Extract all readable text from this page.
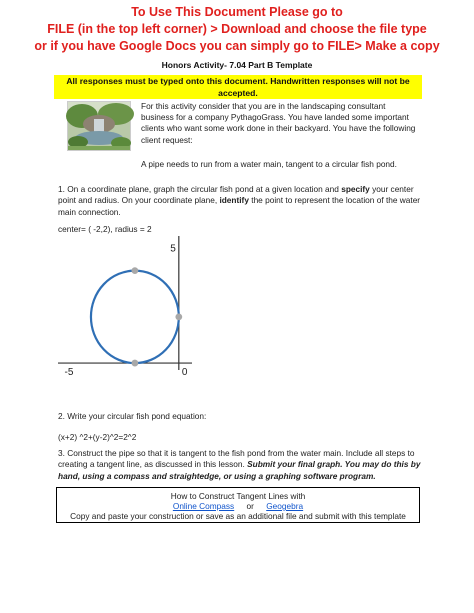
To Use This Document Please go to
FILE (in the top left corner) > Download and choose the file type
or if you have Google Docs you can simply go to FILE> Make a copy
Honors Activity- 7.04 Part B Template
All responses must be typed onto this document. Handwritten responses will not be accepted.
For this activity consider that you are in the landscaping consultant business for a company PythagoGrass. You have landed some important clients who want some work done in their backyard. You have the following client request:
A pipe needs to run from a water main, tangent to a circular fish pond.
1. On a coordinate plane, graph the circular fish pond at a given location and specify your center point and radius. On your coordinate plane, identify the point to represent the location of the water main connection.
center= ( -2,2), radius = 2
5
-5	0
2. Write your circular fish pond equation:
(x+2) ^2+(y-2)^2=2^2
3. Construct the pipe so that it is tangent to the fish pond from the water main. Include all steps to creating a tangent line, as discussed in this lesson. Submit your final graph. You may do this by hand, using a compass and straightedge, or using a graphing software program.
How to Construct Tangent Lines with
Online Compass or Geogebra
Copy and paste your construction or save as an additional file and submit with this template
